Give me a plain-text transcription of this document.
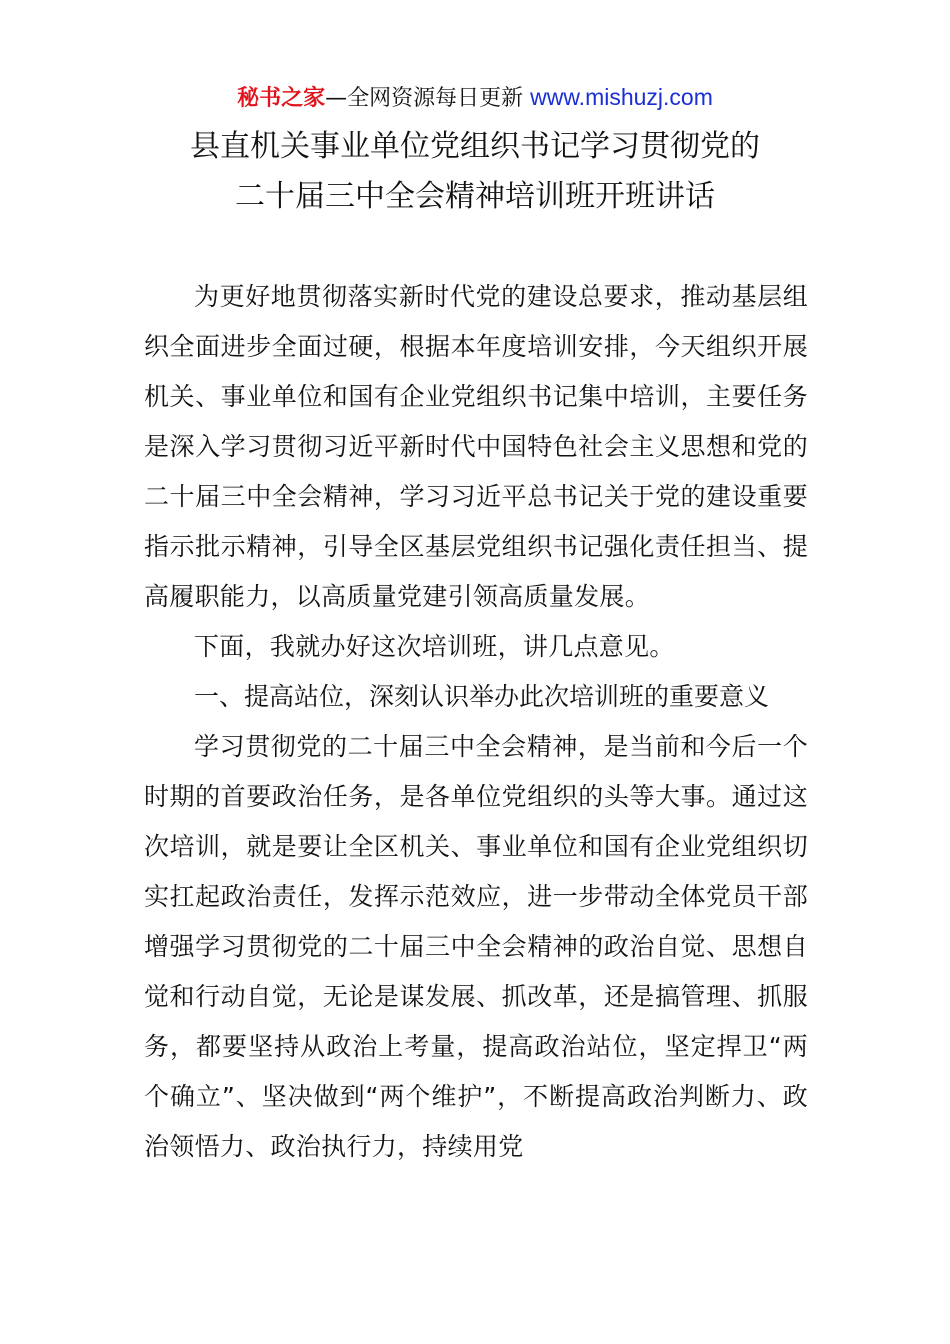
秘书之家—全网资源每日更新 www.mishuzj.com
县直机关事业单位党组织书记学习贯彻党的
二十届三中全会精神培训班开班讲话

为更好地贯彻落实新时代党的建设总要求，推动基层组织全面进步全面过硬，根据本年度培训安排，今天组织开展机关、事业单位和国有企业党组织书记集中培训，主要任务是深入学习贯彻习近平新时代中国特色社会主义思想和党的二十届三中全会精神，学习习近平总书记关于党的建设重要指示批示精神，引导全区基层党组织书记强化责任担当、提高履职能力，以高质量党建引领高质量发展。

下面，我就办好这次培训班，讲几点意见。

一、提高站位，深刻认识举办此次培训班的重要意义

学习贯彻党的二十届三中全会精神，是当前和今后一个时期的首要政治任务，是各单位党组织的头等大事。通过这次培训，就是要让全区机关、事业单位和国有企业党组织切实扛起政治责任，发挥示范效应，进一步带动全体党员干部增强学习贯彻党的二十届三中全会精神的政治自觉、思想自觉和行动自觉，无论是谋发展、抓改革，还是搞管理、抓服务，都要坚持从政治上考量，提高政治站位，坚定捍卫“两个确立”、坚决做到“两个维护”，不断提高政治判断力、政治领悟力、政治执行力，持续用党
